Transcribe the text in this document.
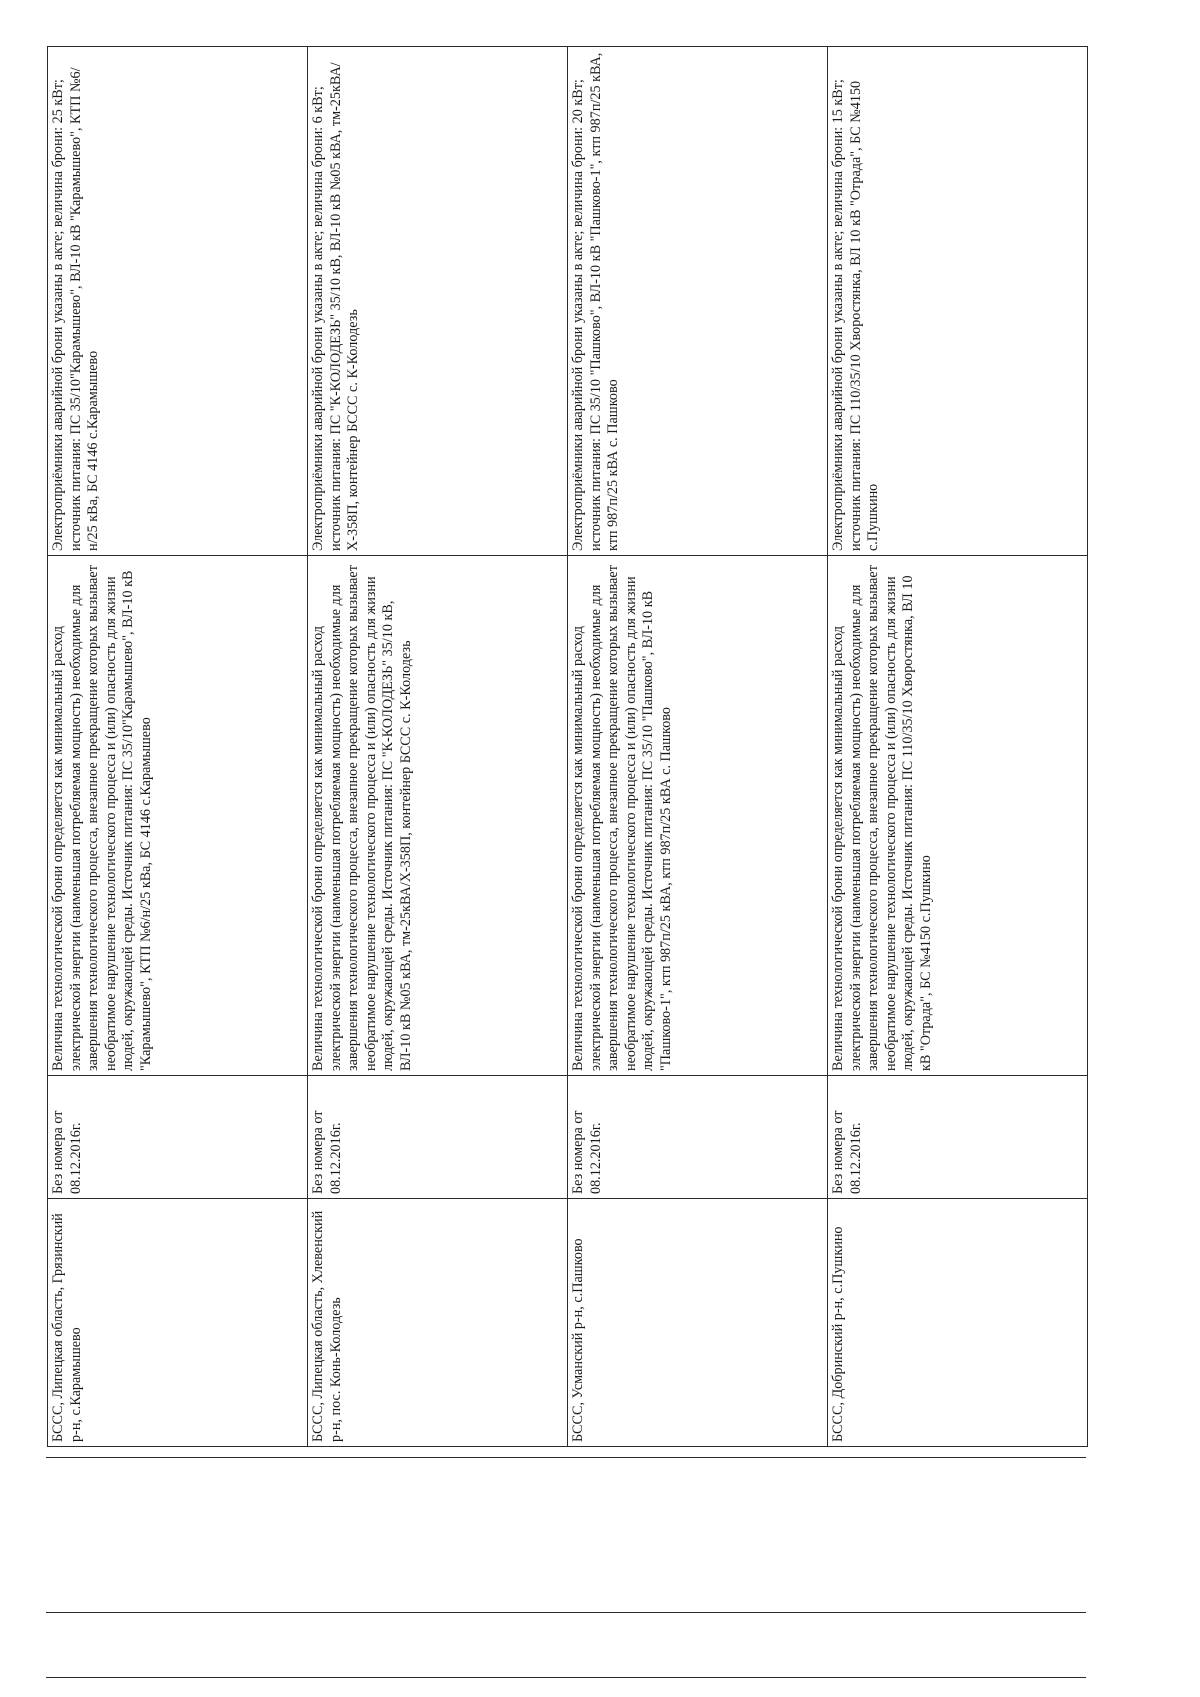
БССС, Липецкая область, Грязинский р-н, с.Карамышево	Без номера от 08.12.2016г.	Величина технологической брони определяется как минимальный расход электрической энергии (наименьшая потребляемая мощность) необходимые для завершения технологического процесса, внезапное прекращение которых вызывает необратимое нарушение технологического процесса и (или) опасность для жизни людей, окружающей среды. Источник питания: ПС 35/10"Карамышево", ВЛ-10 кВ "Карамышево", КТП №6/н/25 кВа, БС 4146 с.Карамышево	Электроприёмники аварийной брони указаны в акте; величина брони: 25 кВт; источник питания: ПС 35/10"Карамышево", ВЛ-10 кВ "Карамышево", КТП №6/н/25 кВа, БС 4146 с.Карамышево
БССС, Липецкая область, Хлевенский р-н, пос. Конь-Колодезь	Без номера от 08.12.2016г.	Величина технологической брони определяется как минимальный расход электрической энергии (наименьшая потребляемая мощность) необходимые для завершения технологического процесса, внезапное прекращение которых вызывает необратимое нарушение технологического процесса и (или) опасность для жизни людей, окружающей среды. Источник питания: ПС "К-КОЛОДЕЗЬ" 35/10 кВ, ВЛ-10 кВ №05 кВА, тм-25кВА/Х-358П, контейнер БССС с. К-Колодезь	Электроприёмники аварийной брони указаны в акте; величина брони: 6 кВт; источник питания: ПС "К-КОЛОДЕЗЬ" 35/10 кВ, ВЛ-10 кВ №05 кВА, тм-25кВА/Х-358П, контейнер БССС с. К-Колодезь
БССС, Усманский р-н, с.Пашково	Без номера от 08.12.2016г.	Величина технологической брони определяется как минимальный расход электрической энергии (наименьшая потребляемая мощность) необходимые для завершения технологического процесса, внезапное прекращение которых вызывает необратимое нарушение технологического процесса и (или) опасность для жизни людей, окружающей среды. Источник питания: ПС 35/10 "Пашково", ВЛ-10 кВ "Пашково-1", ктп 987п/25 кВА, ктп 987п/25 кВА с. Пашково	Электроприёмники аварийной брони указаны в акте; величина брони: 20 кВт; источник питания: ПС 35/10 "Пашково", ВЛ-10 кВ "Пашково-1", ктп 987п/25 кВА, ктп 987п/25 кВА с. Пашково
БССС, Добринский р-н, с.Пушкино	Без номера от 08.12.2016г.	Величина технологической брони определяется как минимальный расход электрической энергии (наименьшая потребляемая мощность) необходимые для завершения технологического процесса, внезапное прекращение которых вызывает необратимое нарушение технологического процесса и (или) опасность для жизни людей, окружающей среды. Источник питания: ПС 110/35/10 Хворостянка, ВЛ 10 кВ "Отрада", БС №4150 с.Пушкино	Электроприёмники аварийной брони указаны в акте; величина брони: 15 кВт; источник питания: ПС 110/35/10 Хворостянка, ВЛ 10 кВ "Отрада", БС №4150 с.Пушкино
